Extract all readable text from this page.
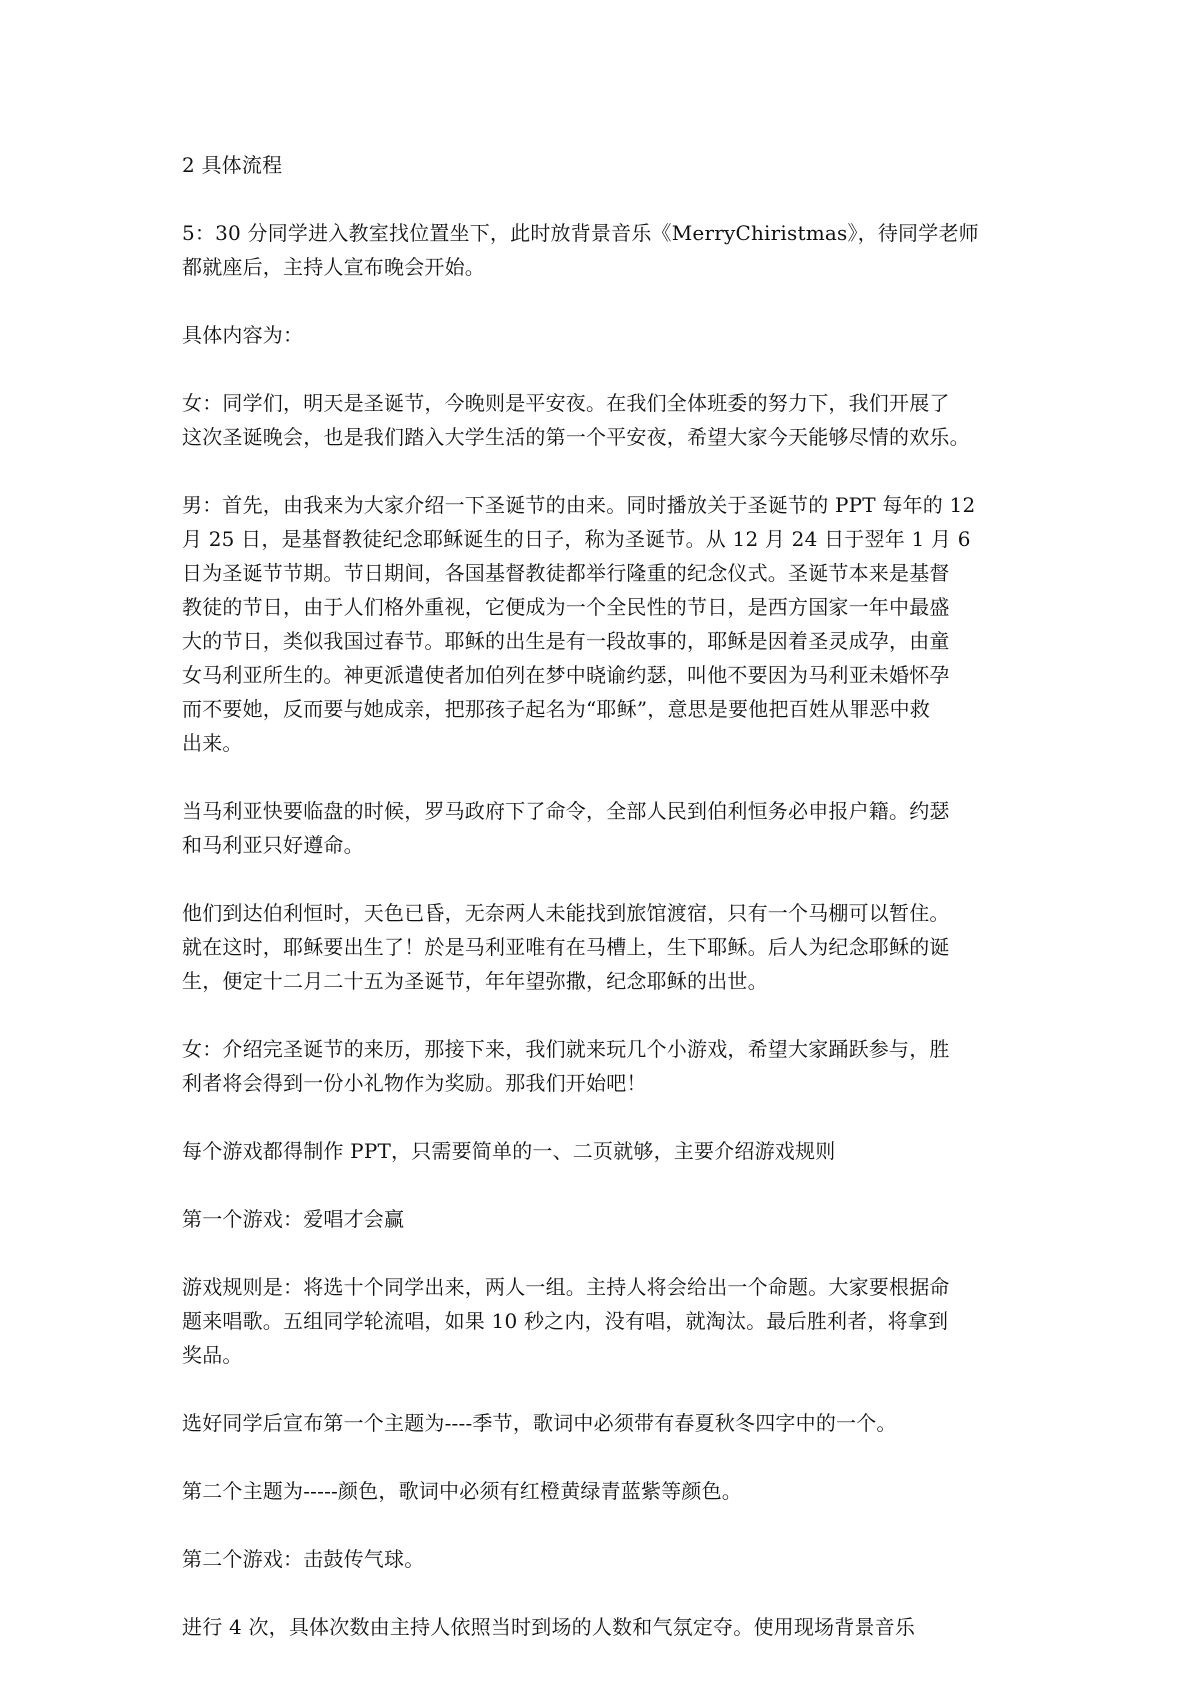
2 具体流程
5：30 分同学进入教室找位置坐下，此时放背景音乐《MerryChiristmas》，待同学老师
都就座后，主持人宣布晚会开始。
具体内容为：
女：同学们，明天是圣诞节，今晚则是平安夜。在我们全体班委的努力下，我们开展了
这次圣诞晚会，也是我们踏入大学生活的第一个平安夜，希望大家今天能够尽情的欢乐。
男：首先，由我来为大家介绍一下圣诞节的由来。同时播放关于圣诞节的 PPT 每年的 12
月 25 日，是基督教徒纪念耶稣诞生的日子，称为圣诞节。从 12 月 24 日于翌年 1 月 6
日为圣诞节节期。节日期间，各国基督教徒都举行隆重的纪念仪式。圣诞节本来是基督
教徒的节日，由于人们格外重视，它便成为一个全民性的节日，是西方国家一年中最盛
大的节日，类似我国过春节。耶稣的出生是有一段故事的，耶稣是因着圣灵成孕，由童
女马利亚所生的。神更派遣使者加伯列在梦中晓谕约瑟，叫他不要因为马利亚未婚怀孕
而不要她，反而要与她成亲，把那孩子起名为“耶稣”，意思是要他把百姓从罪恶中救
出来。
当马利亚快要临盘的时候，罗马政府下了命令，全部人民到伯利恒务必申报户籍。约瑟
和马利亚只好遵命。
他们到达伯利恒时，天色已昏，无奈两人未能找到旅馆渡宿，只有一个马棚可以暂住。
就在这时，耶稣要出生了！於是马利亚唯有在马槽上，生下耶稣。后人为纪念耶稣的诞
生，便定十二月二十五为圣诞节，年年望弥撒，纪念耶稣的出世。
女：介绍完圣诞节的来历，那接下来，我们就来玩几个小游戏，希望大家踊跃参与，胜
利者将会得到一份小礼物作为奖励。那我们开始吧！
每个游戏都得制作 PPT，只需要简单的一、二页就够，主要介绍游戏规则
第一个游戏：爱唱才会赢
游戏规则是：将选十个同学出来，两人一组。主持人将会给出一个命题。大家要根据命
题来唱歌。五组同学轮流唱，如果 10 秒之内，没有唱，就淘汰。最后胜利者，将拿到
奖品。
选好同学后宣布第一个主题为----季节，歌词中必须带有春夏秋冬四字中的一个。
第二个主题为-----颜色，歌词中必须有红橙黄绿青蓝紫等颜色。
第二个游戏：击鼓传气球。
进行 4 次，具体次数由主持人依照当时到场的人数和气氛定夺。使用现场背景音乐
